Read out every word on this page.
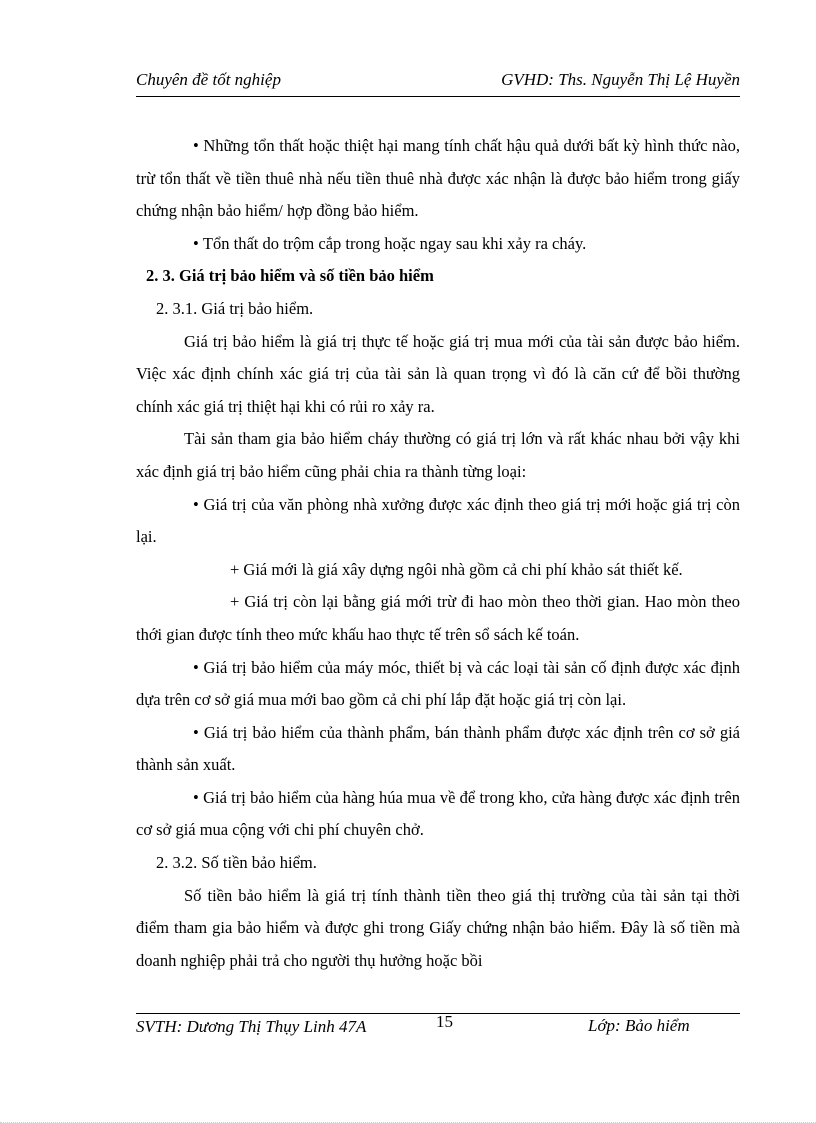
Chuyên đề tốt nghiệp	GVHD: Ths. Nguyễn Thị Lệ Huyền

• Những tổn thất hoặc thiệt hại mang tính chất hậu quả dưới bất kỳ hình thức nào, trừ tổn thất về tiền thuê nhà nếu tiền thuê nhà được xác nhận là được bảo hiểm trong giấy chứng nhận bảo hiểm/ hợp đồng bảo hiểm.

• Tổn thất do trộm cắp trong hoặc ngay sau khi xảy ra cháy.

2. 3. Giá trị bảo hiểm và số tiền bảo hiểm

2. 3.1. Giá trị bảo hiểm.

Giá trị bảo hiểm là giá trị thực tế hoặc giá trị mua mới của tài sản được bảo hiểm. Việc xác định chính xác giá trị của tài sản là quan trọng vì đó là căn cứ để bồi thường chính xác giá trị thiệt hại khi có rủi ro xảy ra.

Tài sản tham gia bảo hiểm cháy thường có giá trị lớn và rất khác nhau bởi vậy khi xác định giá trị bảo hiểm cũng phải chia ra thành từng loại:

• Giá trị của văn phòng nhà xưởng được xác định theo giá trị mới hoặc giá trị còn lại.

+ Giá mới là giá xây dựng ngôi nhà gồm cả chi phí khảo sát thiết kế.

+ Giá trị còn lại bằng giá mới trừ đi hao mòn theo thời gian. Hao mòn theo thới gian được tính theo mức khấu hao thực tế trên sổ sách kế toán.

• Giá trị bảo hiểm của máy móc, thiết bị và các loại tài sản cố định được xác định dựa trên cơ sở giá mua mới bao gồm cả chi phí lắp đặt hoặc giá trị còn lại.

• Giá trị bảo hiểm của thành phẩm, bán thành phẩm được xác định trên cơ sở giá thành sản xuất.

• Giá trị bảo hiểm của hàng húa mua về để trong kho, cửa hàng được xác định trên cơ sở giá mua cộng với chi phí chuyên chở.

2. 3.2. Số tiền bảo hiểm.

Số tiền bảo hiểm là giá trị tính thành tiền theo giá thị trường của tài sản tại thời điểm tham gia bảo hiểm và được ghi trong Giấy chứng nhận bảo hiểm. Đây là số tiền mà doanh nghiệp phải trả cho người thụ hưởng hoặc bồi

SVTH: Dương Thị Thụy Linh 47A	15	Lớp: Bảo hiểm
